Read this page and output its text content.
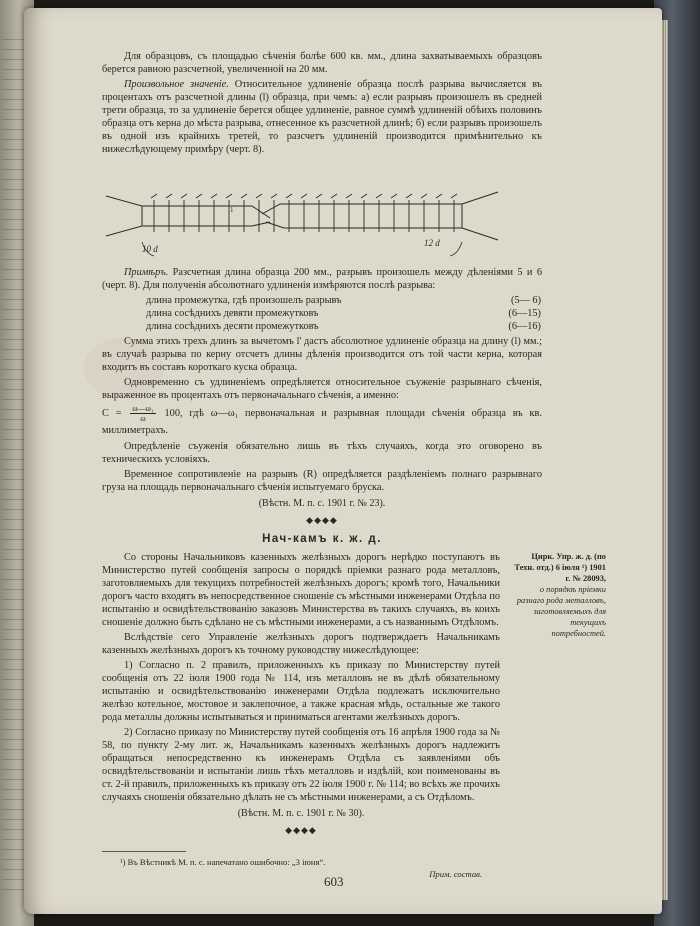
Для образцовъ, съ площадью сѣченія болѣе 600 кв. мм., длина захватываемыхъ образцовъ берется равною разсчетной, увеличенной на 20 мм.

Произвольное значеніе. Относительное удлиненіе образца послѣ разрыва вычисляется въ процентахъ отъ разсчетной длины (l) образца, при чемъ: а) если разрывъ произошелъ въ средней трети образца, то за удлиненіе берется общее удлиненіе, равное суммѣ удлиненій обѣихъ половинъ образца отъ керна до мѣста разрыва, отнесенное къ разсчетной длинѣ; б) если разрывъ произошелъ въ одной изъ крайнихъ третей, то разсчетъ удлиненій производится примѣнительно къ нижеслѣдующему примѣру (черт. 8).

10 d
12 d
1

Примѣръ. Разсчетная длина образца 200 мм., разрывъ произошелъ между дѣленіями 5 и 6 (черт. 8). Для полученія абсолютнаго удлиненія измѣряются послѣ разрыва:

длина промежутка, гдѣ произошелъ разрывъ	(5— 6)
длина сосѣднихъ девяти промежутковъ	(6—15)
длина сосѣднихъ десяти промежутковъ	(6—16)

Сумма этихъ трехъ длинъ за вычетомъ l' дастъ абсолютное удлиненіе образца на длину (l) мм.; въ случаѣ разрыва по керну отсчетъ длины дѣленія производится отъ той части керна, которая входитъ въ составъ короткаго куска образца.

Одновременно съ удлиненіемъ опредѣляется относительное съуженіе разрывнаго сѣченія, выраженное въ процентахъ отъ первоначальнаго сѣченія, а именно:

$C = \frac{\text{ω—ω₁}}{\omega} 100$, гдѣ ω—ω₁ первоначальная и разрывная площади сѣченія образца въ кв. миллиметрахъ.

Опредѣленіе съуженія обязательно лишь въ тѣхъ случаяхъ, когда это оговорено въ техническихъ условіяхъ.

Временное сопротивленіе на разрывъ (R) опредѣляется раздѣленіемъ полнаго разрывнаго груза на площадь первоначальнаго сѣченія испытуемаго бруска.

(Вѣстн. М. п. с. 1901 г. № 23).
◆◆◆◆
Нач-камъ к. ж. д.

Со стороны Начальниковъ казенныхъ желѣзныхъ дорогъ нерѣдко поступаютъ въ Министерство путей сообщенія запросы о порядкѣ пріемки разнаго рода металловъ, заготовляемыхъ для текущихъ потребностей желѣзныхъ дорогъ; кромѣ того, Начальники дорогъ часто входятъ въ непосредственное сношеніе съ мѣстными инженерами Отдѣла по испытанію и освидѣтельствованію заказовъ Министерства въ такихъ случаяхъ, въ коихъ сношеніе должно быть сдѣлано не съ мѣстными инженерами, а съ названнымъ Отдѣломъ.

Вслѣдствіе сего Управленіе желѣзныхъ дорогъ подтверждаетъ Начальникамъ казенныхъ желѣзныхъ дорогъ къ точному руководству нижеслѣдующее:

1) Согласно п. 2 правилъ, приложенныхъ къ приказу по Министерству путей сообщенія отъ 22 іюля 1900 года № 114, изъ металловъ не въ дѣлѣ обязательному испытанію и освидѣтельствованію инженерами Отдѣла подлежатъ исключительно желѣзо котельное, мостовое и заклепочное, а также красная мѣдь, остальные же такого рода металлы должны испытываться и приниматься агентами желѣзныхъ дорогъ.

2) Согласно приказу по Министерству путей сообщенія отъ 16 апрѣля 1900 года за № 58, по пункту 2-му лит. ж, Начальникамъ казенныхъ желѣзныхъ дорогъ надлежитъ обращаться непосредственно къ инженерамъ Отдѣла съ заявленіями объ освидѣтельствованіи и испытаніи лишь тѣхъ металловъ и издѣлій, кои поименованы въ ст. 2-й правилъ, приложенныхъ къ приказу отъ 22 іюля 1900 г. № 114; во всѣхъ же прочихъ случаяхъ сношенія обязательно дѣлать не съ мѣстными инженерами, а съ Отдѣломъ.

(Вѣстн. М. п. с. 1901 г. № 30).
◆◆◆◆
Цирк. Упр. ж. д. (по Техн. отд.) 6 іюля ¹) 1901 г. № 28093,
о порядкѣ пріемки разнаго рода металловъ, заготовляемыхъ для текущихъ потребностей.
¹) Въ Вѣстникѣ М. п. с. напечатано ошибочно: „3 іюня“.
Прим. состав.
603
